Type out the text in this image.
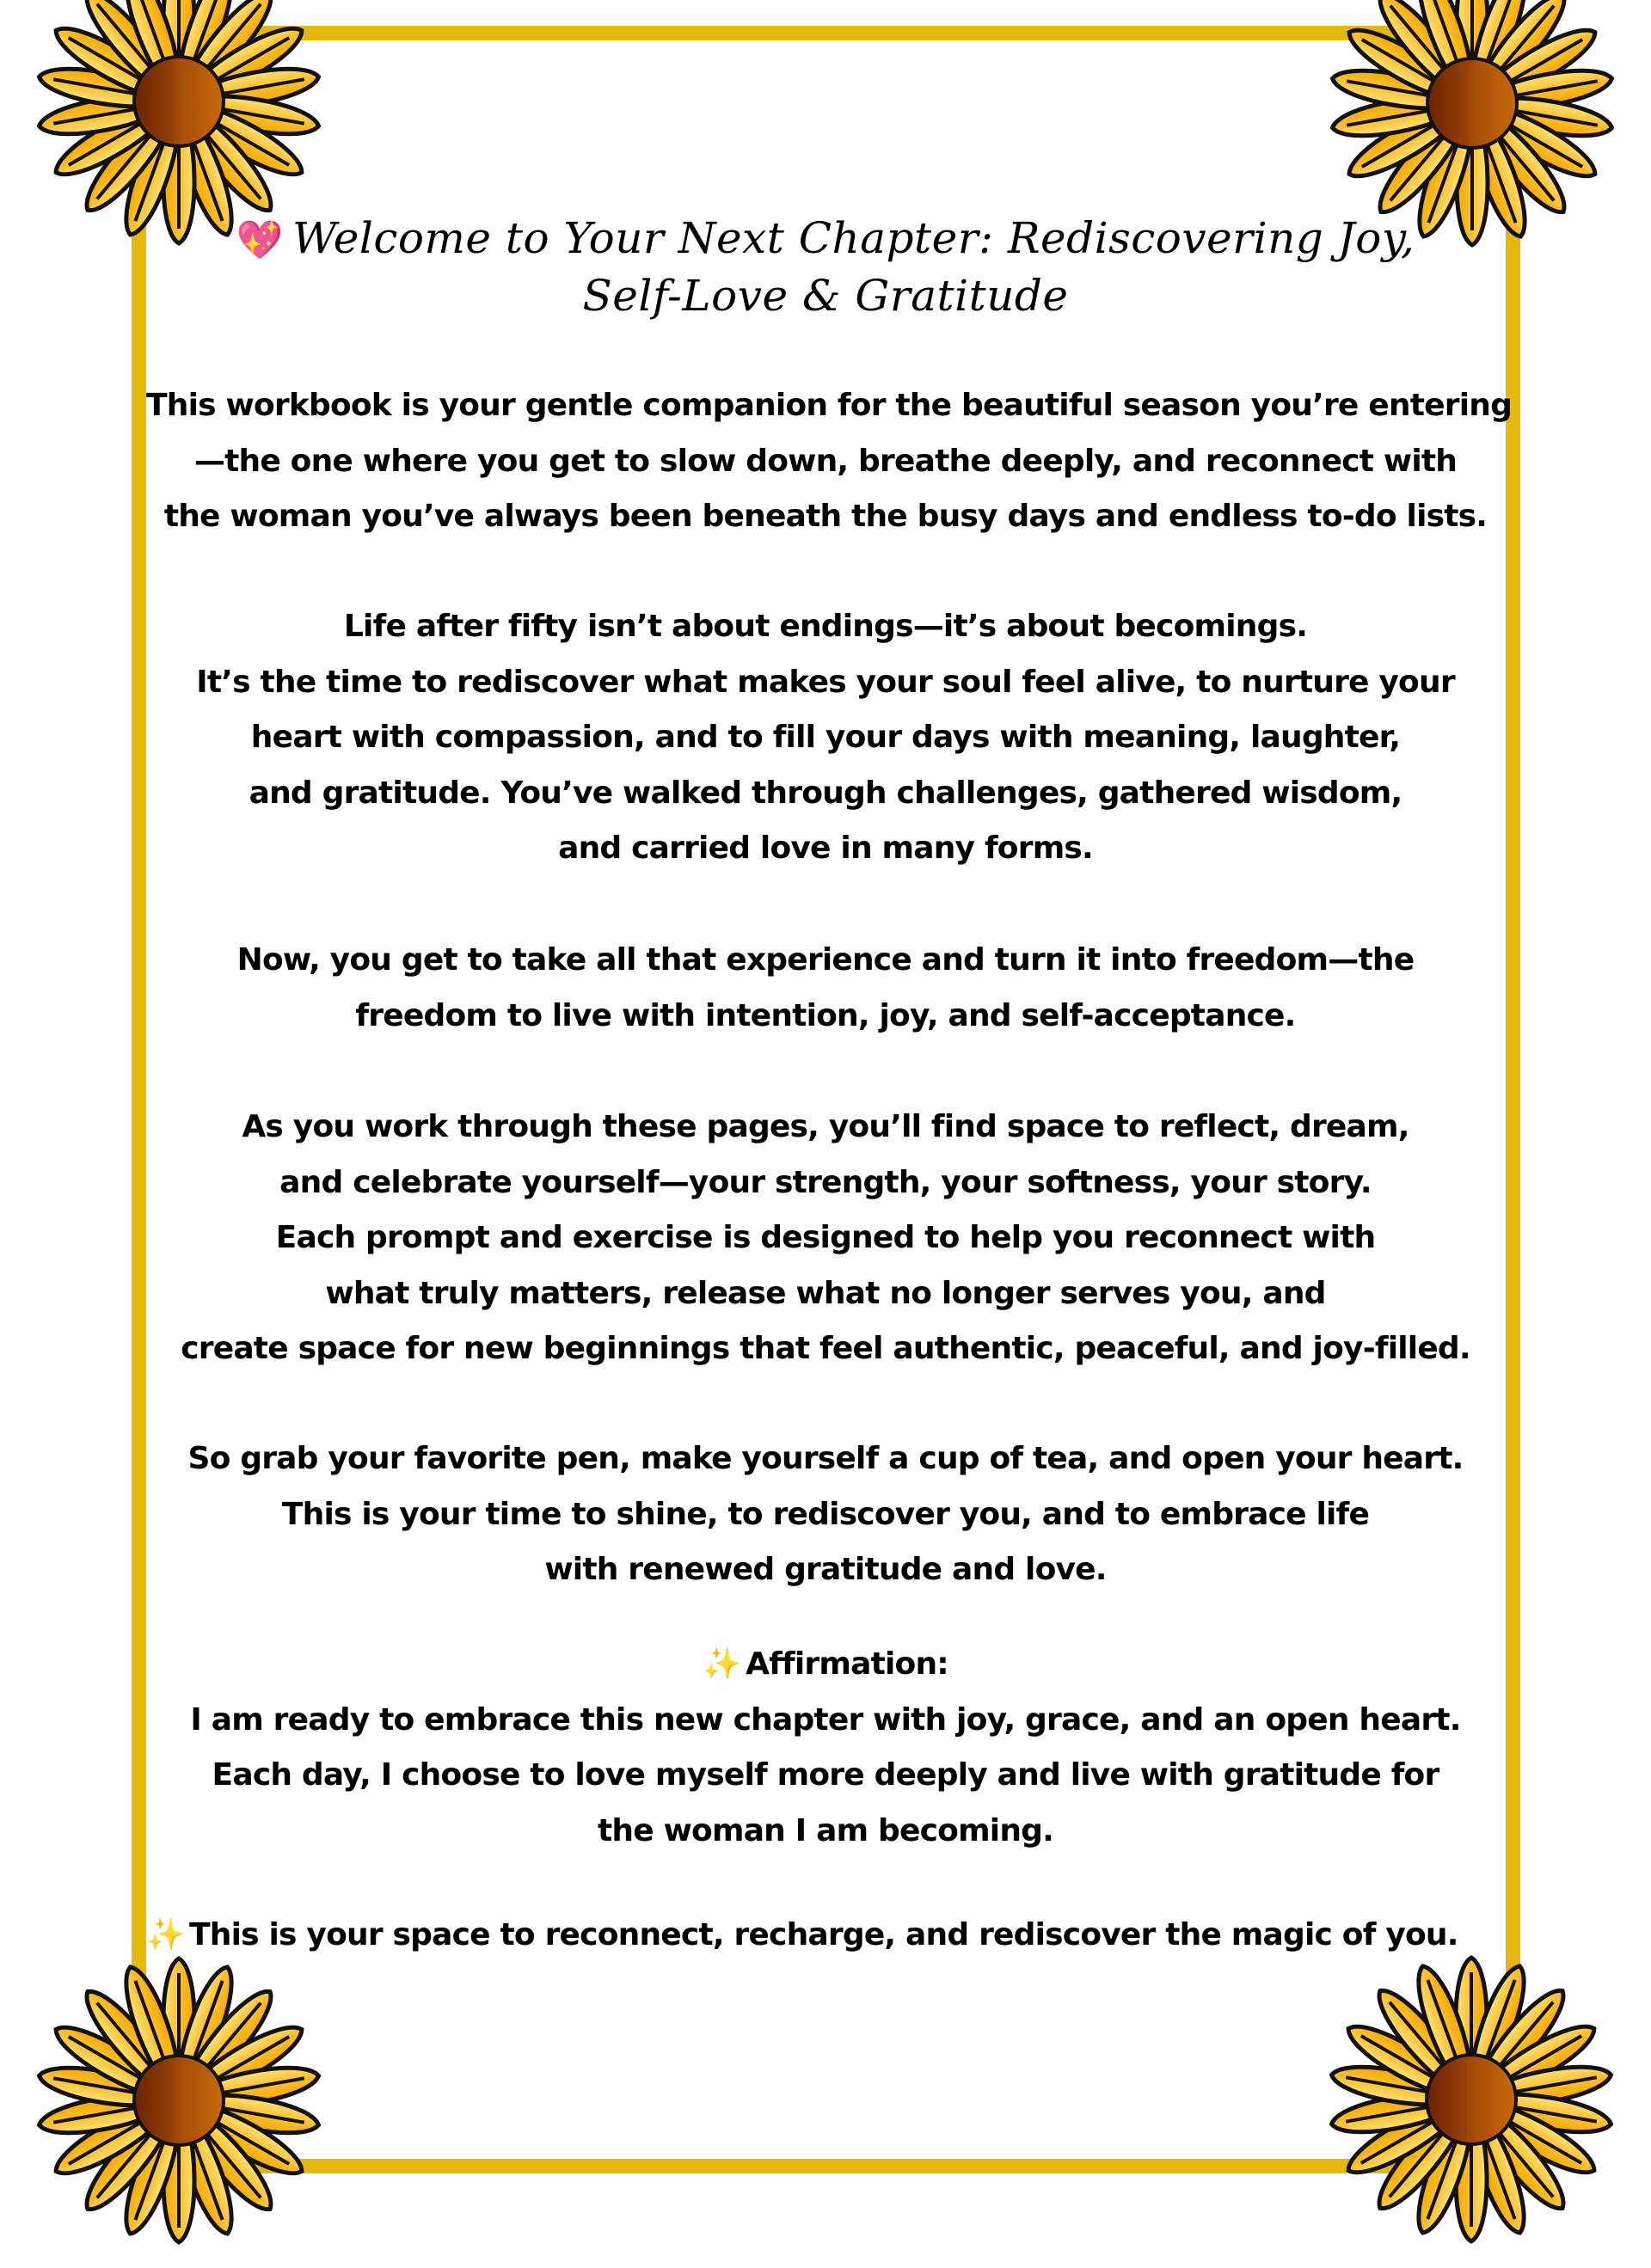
💖 Welcome to Your Next Chapter: Rediscovering Joy,
Self-Love & Gratitude
This workbook is your gentle companion for the beautiful season you’re entering
—the one where you get to slow down, breathe deeply, and reconnect with
the woman you’ve always been beneath the busy days and endless to-do lists.
Life after fifty isn’t about endings—it’s about becomings.
It’s the time to rediscover what makes your soul feel alive, to nurture your
heart with compassion, and to fill your days with meaning, laughter,
and gratitude. You’ve walked through challenges, gathered wisdom,
and carried love in many forms.
Now, you get to take all that experience and turn it into freedom—the
freedom to live with intention, joy, and self-acceptance.
As you work through these pages, you’ll find space to reflect, dream,
and celebrate yourself—your strength, your softness, your story.
Each prompt and exercise is designed to help you reconnect with
what truly matters, release what no longer serves you, and
create space for new beginnings that feel authentic, peaceful, and joy-filled.
So grab your favorite pen, make yourself a cup of tea, and open your heart.
This is your time to shine, to rediscover you, and to embrace life
with renewed gratitude and love.
✨ Affirmation:
I am ready to embrace this new chapter with joy, grace, and an open heart.
Each day, I choose to love myself more deeply and live with gratitude for
the woman I am becoming.
✨ This is your space to reconnect, recharge, and rediscover the magic of you.
